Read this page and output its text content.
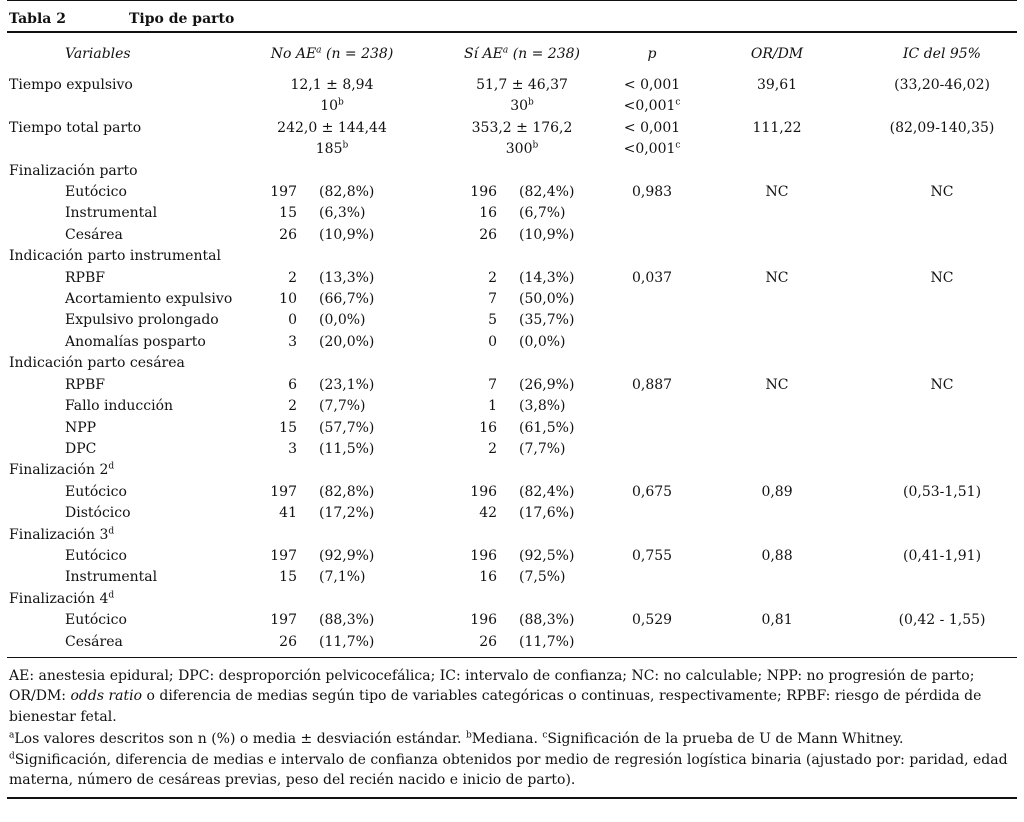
Tabla 2	Tipo de parto
Variables	No $AE^a$ (n = 238)	Sí $AE^a$ (n = 238)	p	OR/DM	IC del 95%
Tiempo expulsivo	12,1 ± 8,94		51,7 ± 46,37		< 0,001	39,61	(33,20-46,02)
	10$^b$		30$^b$		<0,001$^c$		
Tiempo total parto	242,0 ± 144,44		353,2 ± 176,2		< 0,001	111,22	(82,09-140,35)
	185$^b$		300$^b$		<0,001$^c$		
Finalización parto							
Eutócico	197	(82,8%)	196	(82,4%)	0,983	NC	NC
Instrumental	15	(6,3%)	16	(6,7%)			
Cesárea	26	(10,9%)	26	(10,9%)			
Indicación parto instrumental							
RPBF	2	(13,3%)	2	(14,3%)	0,037	NC	NC
Acortamiento expulsivo	10	(66,7%)	7	(50,0%)			
Expulsivo prolongado	0	(0,0%)	5	(35,7%)			
Anomalías posparto	3	(20,0%)	0	(0,0%)			
Indicación parto cesárea							
RPBF	6	(23,1%)	7	(26,9%)	0,887	NC	NC
Fallo inducción	2	(7,7%)	1	(3,8%)			
NPP	15	(57,7%)	16	(61,5%)			
DPC	3	(11,5%)	2	(7,7%)			
Finalización 2$^d$
Eutócico	197	(82,8%)	196	(82,4%)	0,675	0,89	(0,53-1,51)
Distócico	41	(17,2%)	42	(17,6%)			
Finalización 3$^d$
Eutócico	197	(92,9%)	196	(92,5%)	0,755	0,88	(0,41-1,91)
Instrumental	15	(7,1%)	16	(7,5%)			
Finalización 4$^d$
Eutócico	197	(88,3%)	196	(88,3%)	0,529	0,81	(0,42 - 1,55)
Cesárea	26	(11,7%)	26	(11,7%)			

AE: anestesia epidural; DPC: desproporción pelvicocefálica; IC: intervalo de confianza; NC: no calculable; NPP: no progresión de parto; OR/DM: odds ratio o diferencia de medias según tipo de variables categóricas o continuas, respectivamente; RPBF: riesgo de pérdida de bienestar fetal.

$^a$Los valores descritos son n (%) o media ± desviación estándar. $^b$Mediana. $^c$Significación de la prueba de U de Mann Whitney.

$^d$Significación, diferencia de medias e intervalo de confianza obtenidos por medio de regresión logística binaria (ajustado por: paridad, edad materna, número de cesáreas previas, peso del recién nacido e inicio de parto).
